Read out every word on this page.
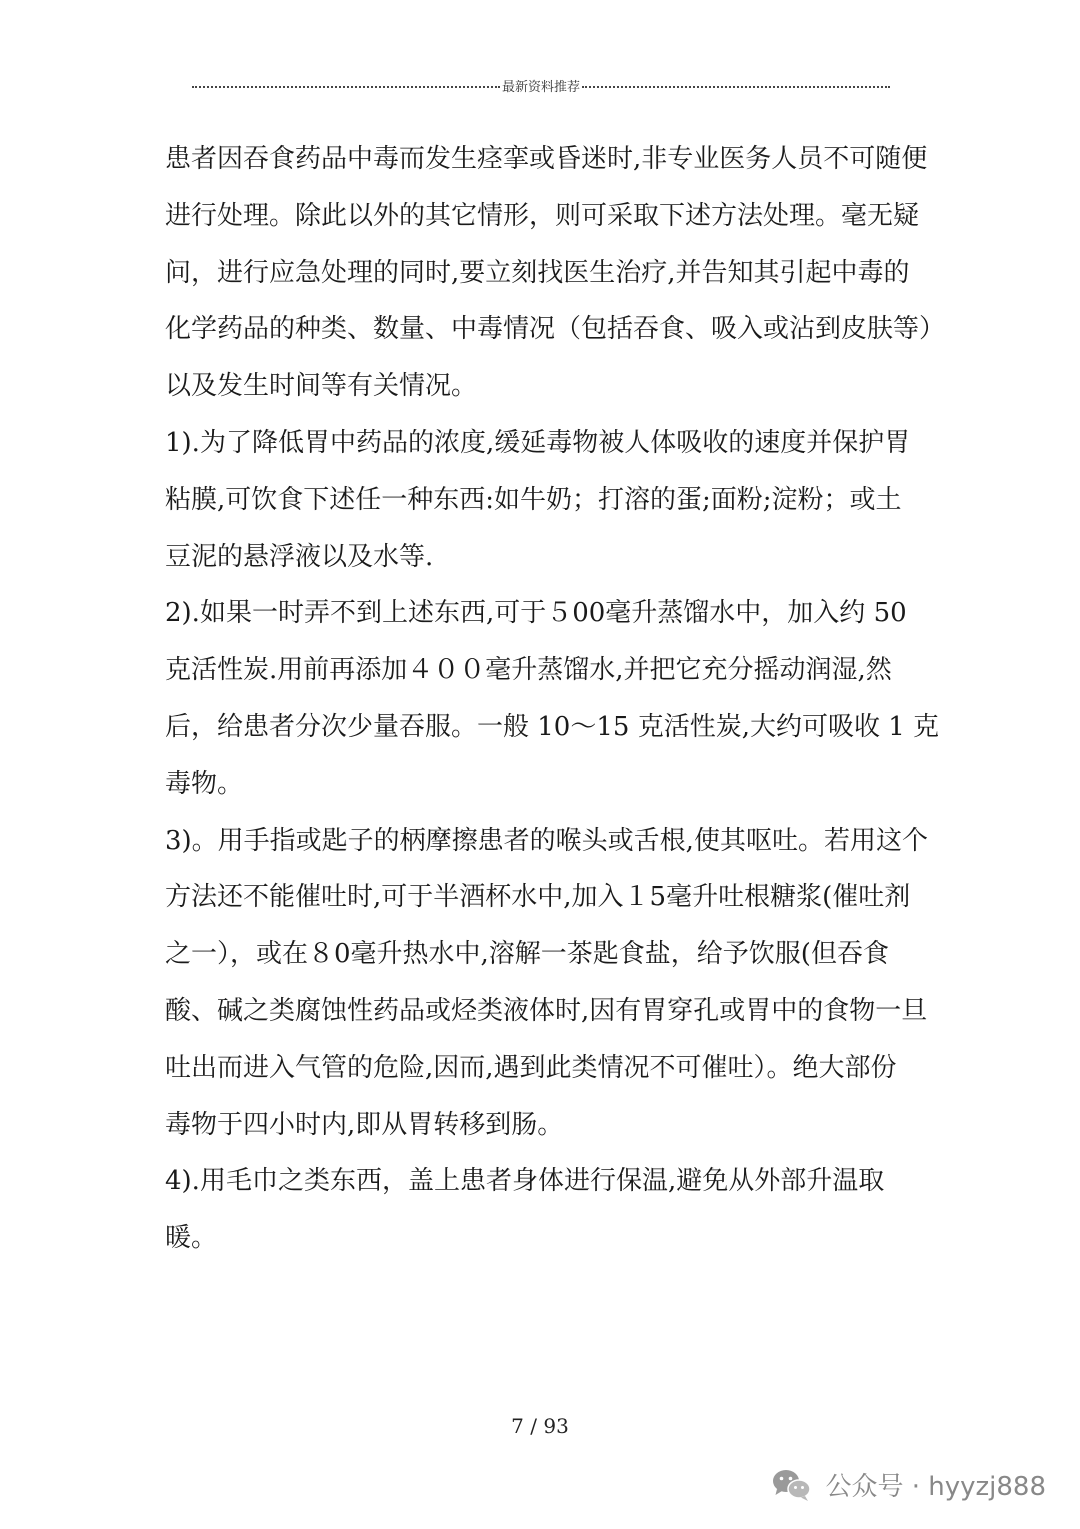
最新资料推荐
患者因吞食药品中毒而发生痉挛或昏迷时,非专业医务人员不可随便
进行处理。除此以外的其它情形，则可采取下述方法处理。毫无疑
问，进行应急处理的同时,要立刻找医生治疗,并告知其引起中毒的
化学药品的种类、数量、中毒情况（包括吞食、吸入或沾到皮肤等）
以及发生时间等有关情况。
1).为了降低胃中药品的浓度,缓延毒物被人体吸收的速度并保护胃
粘膜,可饮食下述任一种东西:如牛奶；打溶的蛋;面粉;淀粉；或土
豆泥的悬浮液以及水等.
2).如果一时弄不到上述东西,可于５00毫升蒸馏水中，加入约 50
克活性炭.用前再添加４００毫升蒸馏水,并把它充分摇动润湿,然
后，给患者分次少量吞服。一般 10～15 克活性炭,大约可吸收 1 克
毒物。
3)。用手指或匙子的柄摩擦患者的喉头或舌根,使其呕吐。若用这个
方法还不能催吐时,可于半酒杯水中,加入１5毫升吐根糖浆(催吐剂
之一），或在８0毫升热水中,溶解一茶匙食盐，给予饮服(但吞食
酸、碱之类腐蚀性药品或烃类液体时,因有胃穿孔或胃中的食物一旦
吐出而进入气管的危险,因而,遇到此类情况不可催吐）。绝大部份
毒物于四小时内,即从胃转移到肠。
4).用毛巾之类东西，盖上患者身体进行保温,避免从外部升温取
暖。
7 / 93
公众号 · hyyzj888
